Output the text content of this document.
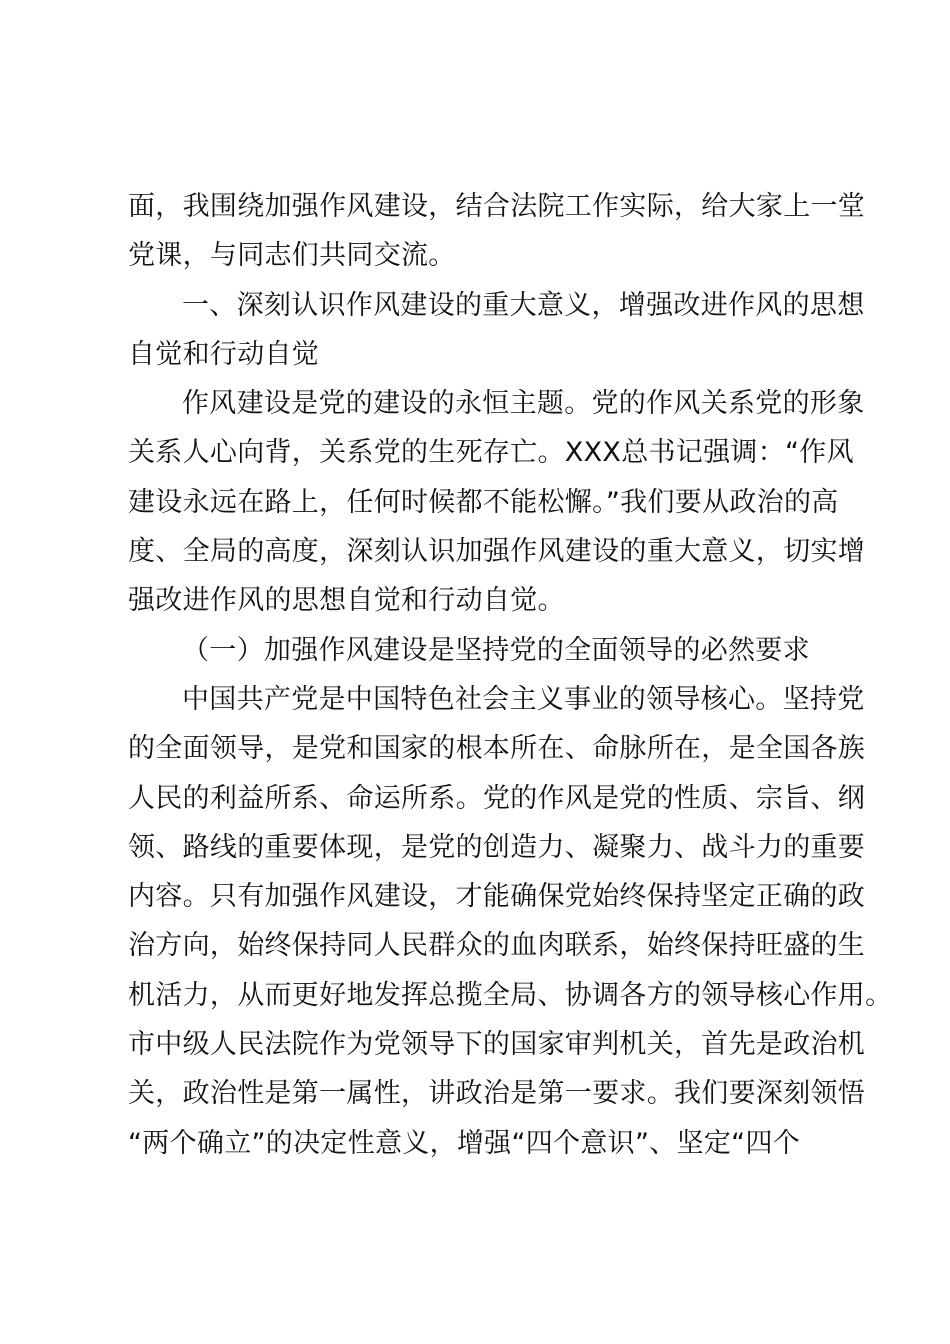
面，我围绕加强作风建设，结合法院工作实际，给大家上一堂
党课，与同志们共同交流。
一、深刻认识作风建设的重大意义，增强改进作风的思想
自觉和行动自觉
作风建设是党的建设的永恒主题。党的作风关系党的形象
关系人心向背，关系党的生死存亡。XXX总书记强调：“作风
建设永远在路上，任何时候都不能松懈。”我们要从政治的高
度、全局的高度，深刻认识加强作风建设的重大意义，切实增
强改进作风的思想自觉和行动自觉。
（一）加强作风建设是坚持党的全面领导的必然要求
中国共产党是中国特色社会主义事业的领导核心。坚持党
的全面领导，是党和国家的根本所在、命脉所在，是全国各族
人民的利益所系、命运所系。党的作风是党的性质、宗旨、纲
领、路线的重要体现，是党的创造力、凝聚力、战斗力的重要
内容。只有加强作风建设，才能确保党始终保持坚定正确的政
治方向，始终保持同人民群众的血肉联系，始终保持旺盛的生
机活力，从而更好地发挥总揽全局、协调各方的领导核心作用。
市中级人民法院作为党领导下的国家审判机关，首先是政治机
关，政治性是第一属性，讲政治是第一要求。我们要深刻领悟
“两个确立”的决定性意义，增强“四个意识”、坚定“四个
